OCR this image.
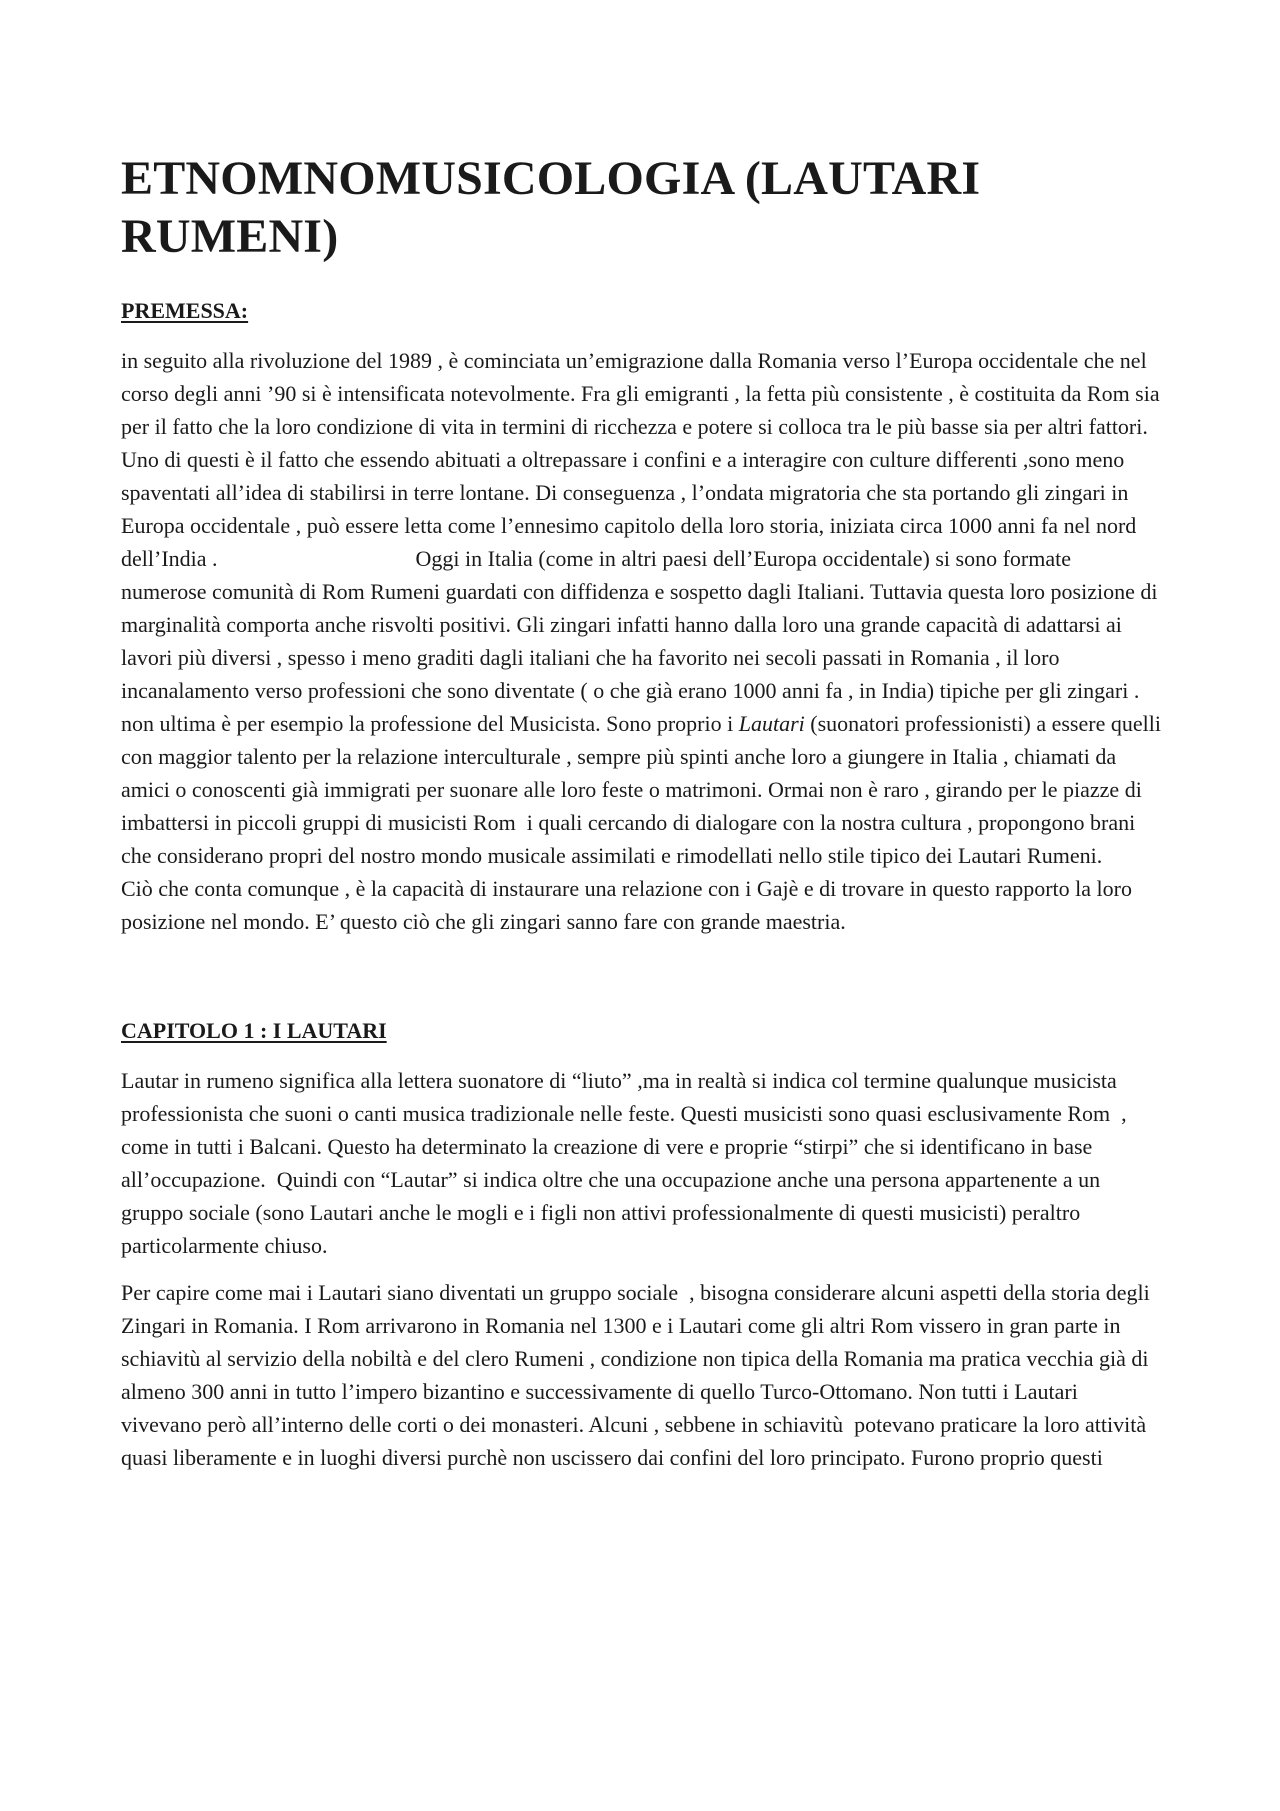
ETNOMNOMUSICOLOGIA (LAUTARI RUMENI)
PREMESSA:

in seguito alla rivoluzione del 1989 , è cominciata un’emigrazione dalla Romania verso l’Europa occidentale che nel corso degli anni ’90 si è intensificata notevolmente. Fra gli emigranti , la fetta più consistente , è costituita da Rom sia per il fatto che la loro condizione di vita in termini di ricchezza e potere si colloca tra le più basse sia per altri fattori. Uno di questi è il fatto che essendo abituati a oltrepassare i confini e a interagire con culture differenti ,sono meno spaventati all’idea di stabilirsi in terre lontane. Di conseguenza , l’ondata migratoria che sta portando gli zingari in Europa occidentale , può essere letta come l’ennesimo capitolo della loro storia, iniziata circa 1000 anni fa nel nord dell’India .                                    Oggi in Italia (come in altri paesi dell’Europa occidentale) si sono formate numerose comunità di Rom Rumeni guardati con diffidenza e sospetto dagli Italiani. Tuttavia questa loro posizione di marginalità comporta anche risvolti positivi. Gli zingari infatti hanno dalla loro una grande capacità di adattarsi ai lavori più diversi , spesso i meno graditi dagli italiani che ha favorito nei secoli passati in Romania , il loro incanalamento verso professioni che sono diventate ( o che già erano 1000 anni fa , in India) tipiche per gli zingari . non ultima è per esempio la professione del Musicista. Sono proprio i Lautari (suonatori professionisti) a essere quelli con maggior talento per la relazione interculturale , sempre più spinti anche loro a giungere in Italia , chiamati da amici o conoscenti già immigrati per suonare alle loro feste o matrimoni. Ormai non è raro , girando per le piazze di imbattersi in piccoli gruppi di musicisti Rom  i quali cercando di dialogare con la nostra cultura , propongono brani che considerano propri del nostro mondo musicale assimilati e rimodellati nello stile tipico dei Lautari Rumeni.             Ciò che conta comunque , è la capacità di instaurare una relazione con i Gajè e di trovare in questo rapporto la loro posizione nel mondo. E’ questo ciò che gli zingari sanno fare con grande maestria.

CAPITOLO 1 : I LAUTARI

Lautar in rumeno significa alla lettera suonatore di “liuto” ,ma in realtà si indica col termine qualunque musicista professionista che suoni o canti musica tradizionale nelle feste. Questi musicisti sono quasi esclusivamente Rom  , come in tutti i Balcani. Questo ha determinato la creazione di vere e proprie “stirpi” che si identificano in base all’occupazione.  Quindi con “Lautar” si indica oltre che una occupazione anche una persona appartenente a un gruppo sociale (sono Lautari anche le mogli e i figli non attivi professionalmente di questi musicisti) peraltro particolarmente chiuso.

Per capire come mai i Lautari siano diventati un gruppo sociale  , bisogna considerare alcuni aspetti della storia degli Zingari in Romania. I Rom arrivarono in Romania nel 1300 e i Lautari come gli altri Rom vissero in gran parte in schiavitù al servizio della nobiltà e del clero Rumeni , condizione non tipica della Romania ma pratica vecchia già di almeno 300 anni in tutto l’impero bizantino e successivamente di quello Turco-Ottomano. Non tutti i Lautari vivevano però all’interno delle corti o dei monasteri. Alcuni , sebbene in schiavitù  potevano praticare la loro attività quasi liberamente e in luoghi diversi purchè non uscissero dai confini del loro principato. Furono proprio questi
